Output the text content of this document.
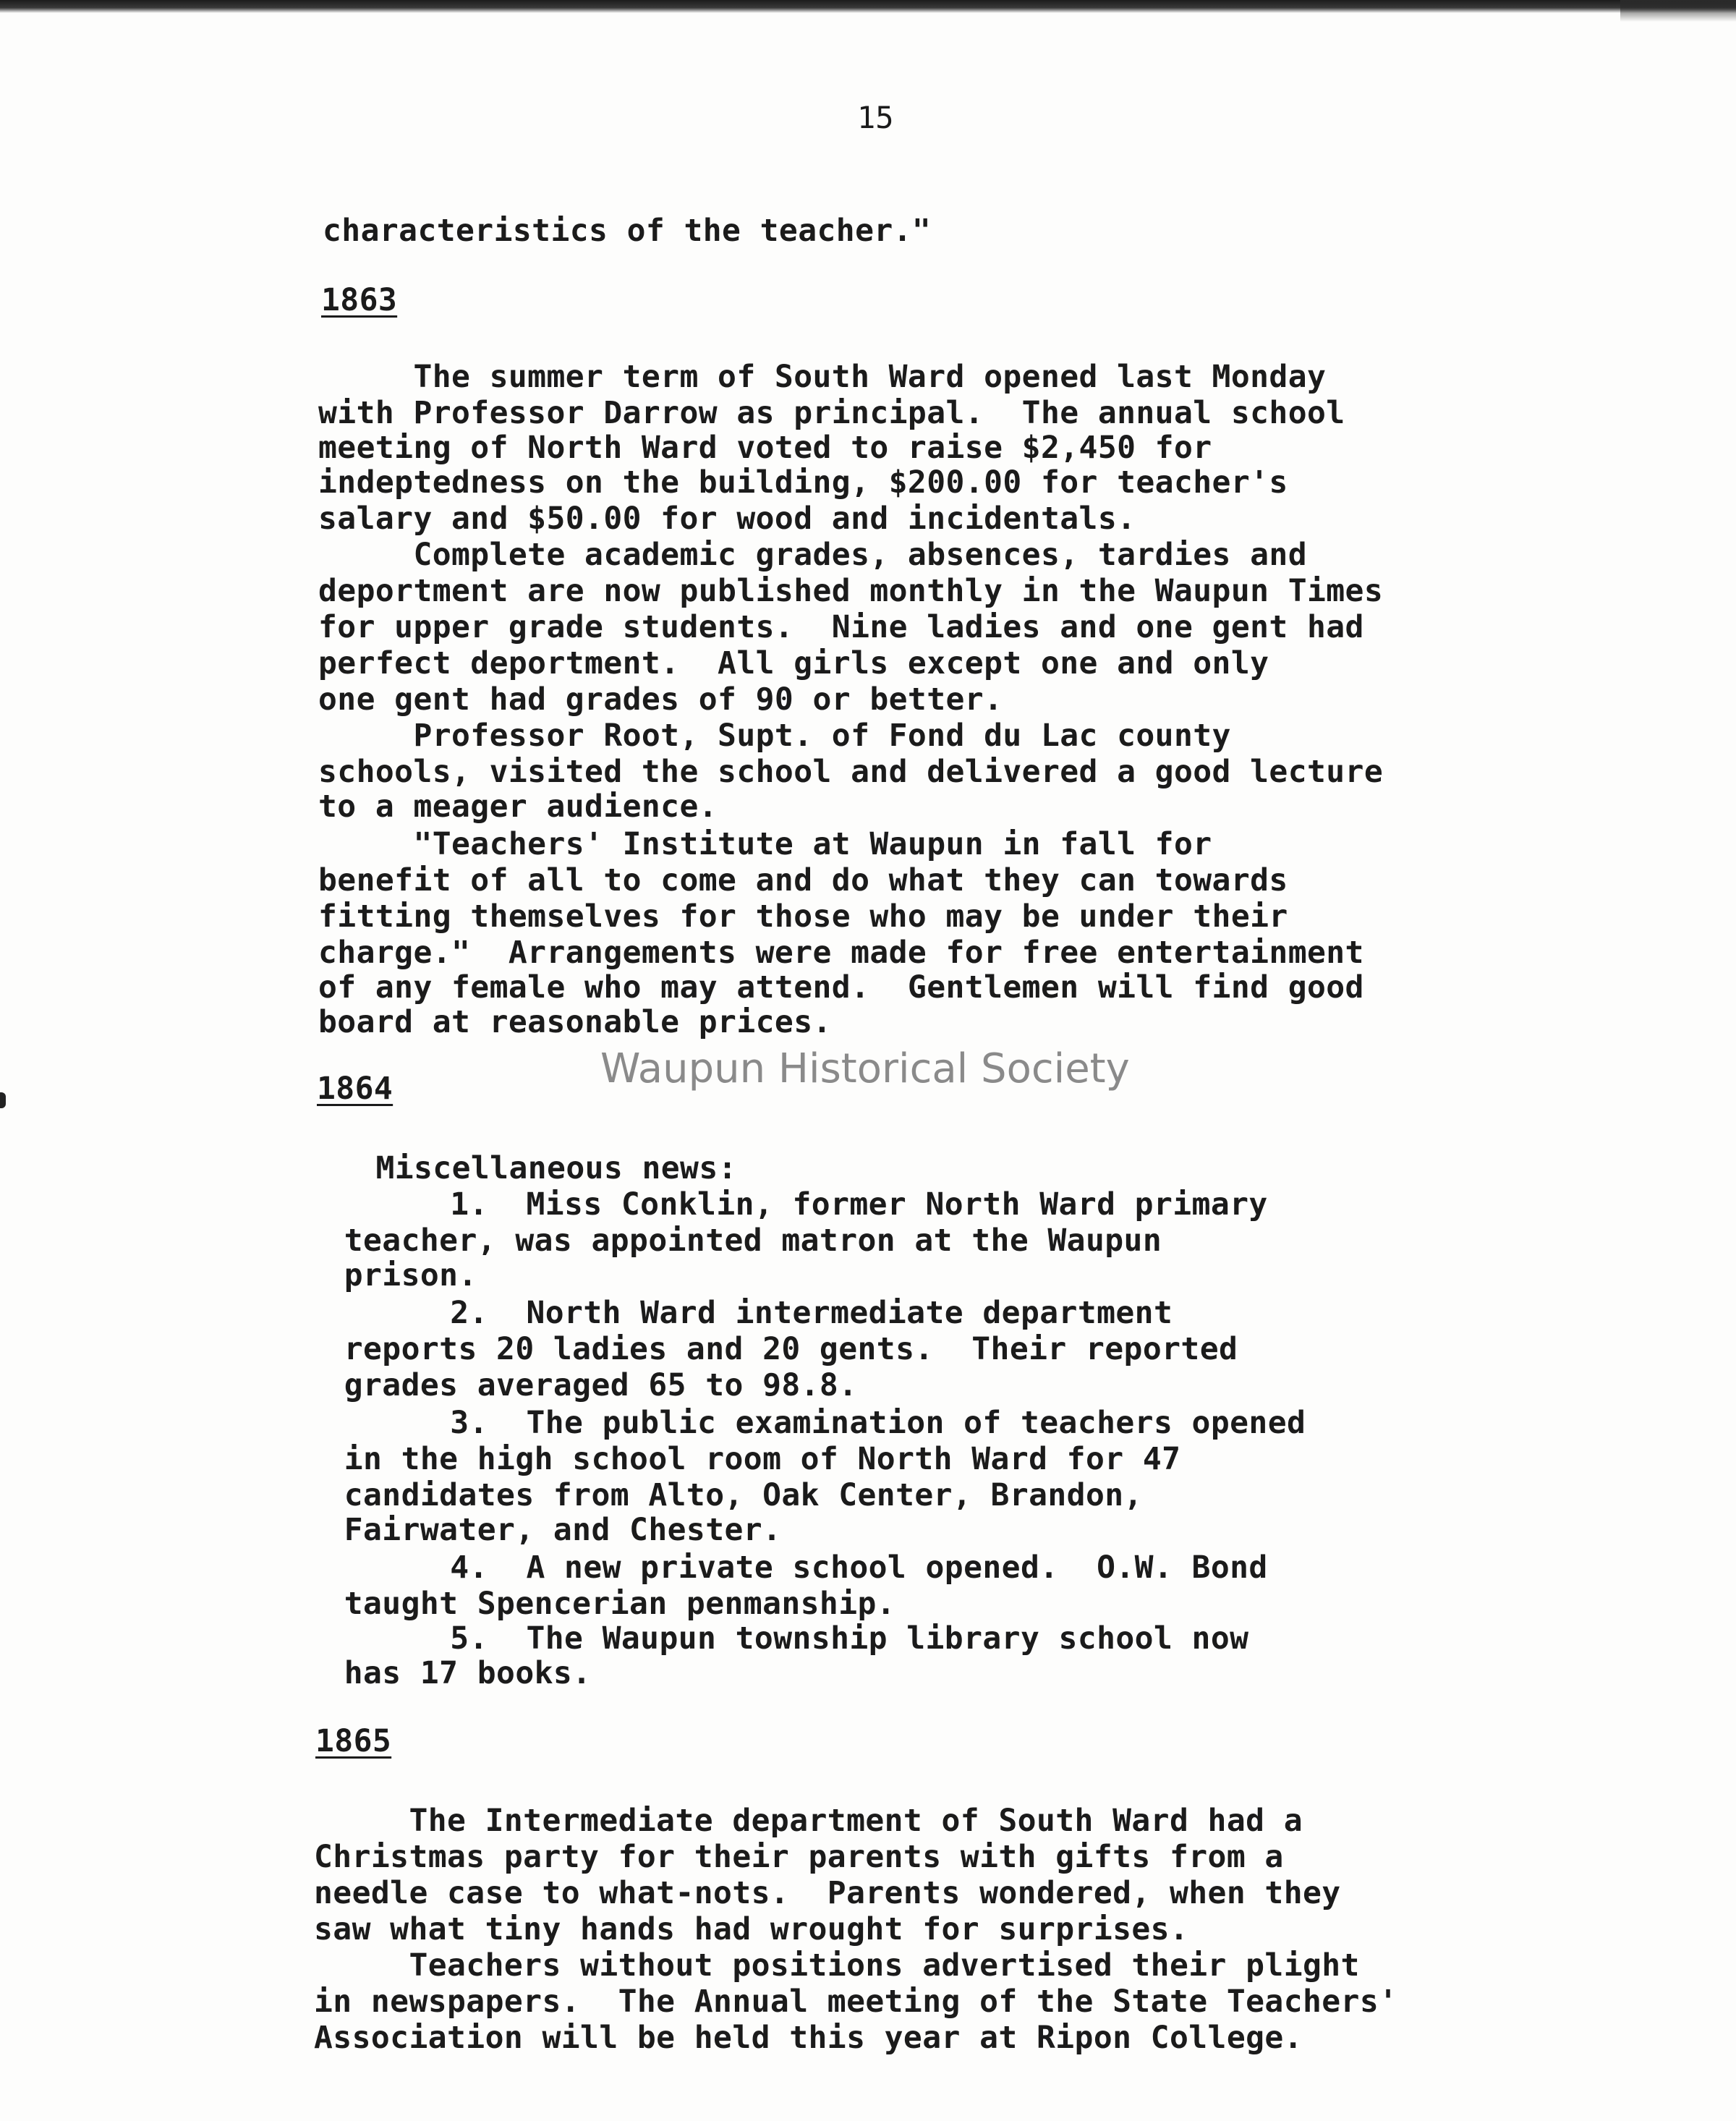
15
characteristics of the teacher."
1863
The summer term of South Ward opened last Monday
with Professor Darrow as principal.  The annual school
meeting of North Ward voted to raise $2,450 for
indeptedness on the building, $200.00 for teacher's
salary and $50.00 for wood and incidentals.
Complete academic grades, absences, tardies and
deportment are now published monthly in the Waupun Times
for upper grade students.  Nine ladies and one gent had
perfect deportment.  All girls except one and only
one gent had grades of 90 or better.
Professor Root, Supt. of Fond du Lac county
schools, visited the school and delivered a good lecture
to a meager audience.
"Teachers' Institute at Waupun in fall for
benefit of all to come and do what they can towards
fitting themselves for those who may be under their
charge."  Arrangements were made for free entertainment
of any female who may attend.  Gentlemen will find good
board at reasonable prices.
Waupun Historical Society
1864
Miscellaneous news:
1.  Miss Conklin, former North Ward primary
teacher, was appointed matron at the Waupun
prison.
2.  North Ward intermediate department
reports 20 ladies and 20 gents.  Their reported
grades averaged 65 to 98.8.
3.  The public examination of teachers opened
in the high school room of North Ward for 47
candidates from Alto, Oak Center, Brandon,
Fairwater, and Chester.
4.  A new private school opened.  O.W. Bond
taught Spencerian penmanship.
5.  The Waupun township library school now
has 17 books.
1865
The Intermediate department of South Ward had a
Christmas party for their parents with gifts from a
needle case to what-nots.  Parents wondered, when they
saw what tiny hands had wrought for surprises.
Teachers without positions advertised their plight
in newspapers.  The Annual meeting of the State Teachers'
Association will be held this year at Ripon College.
